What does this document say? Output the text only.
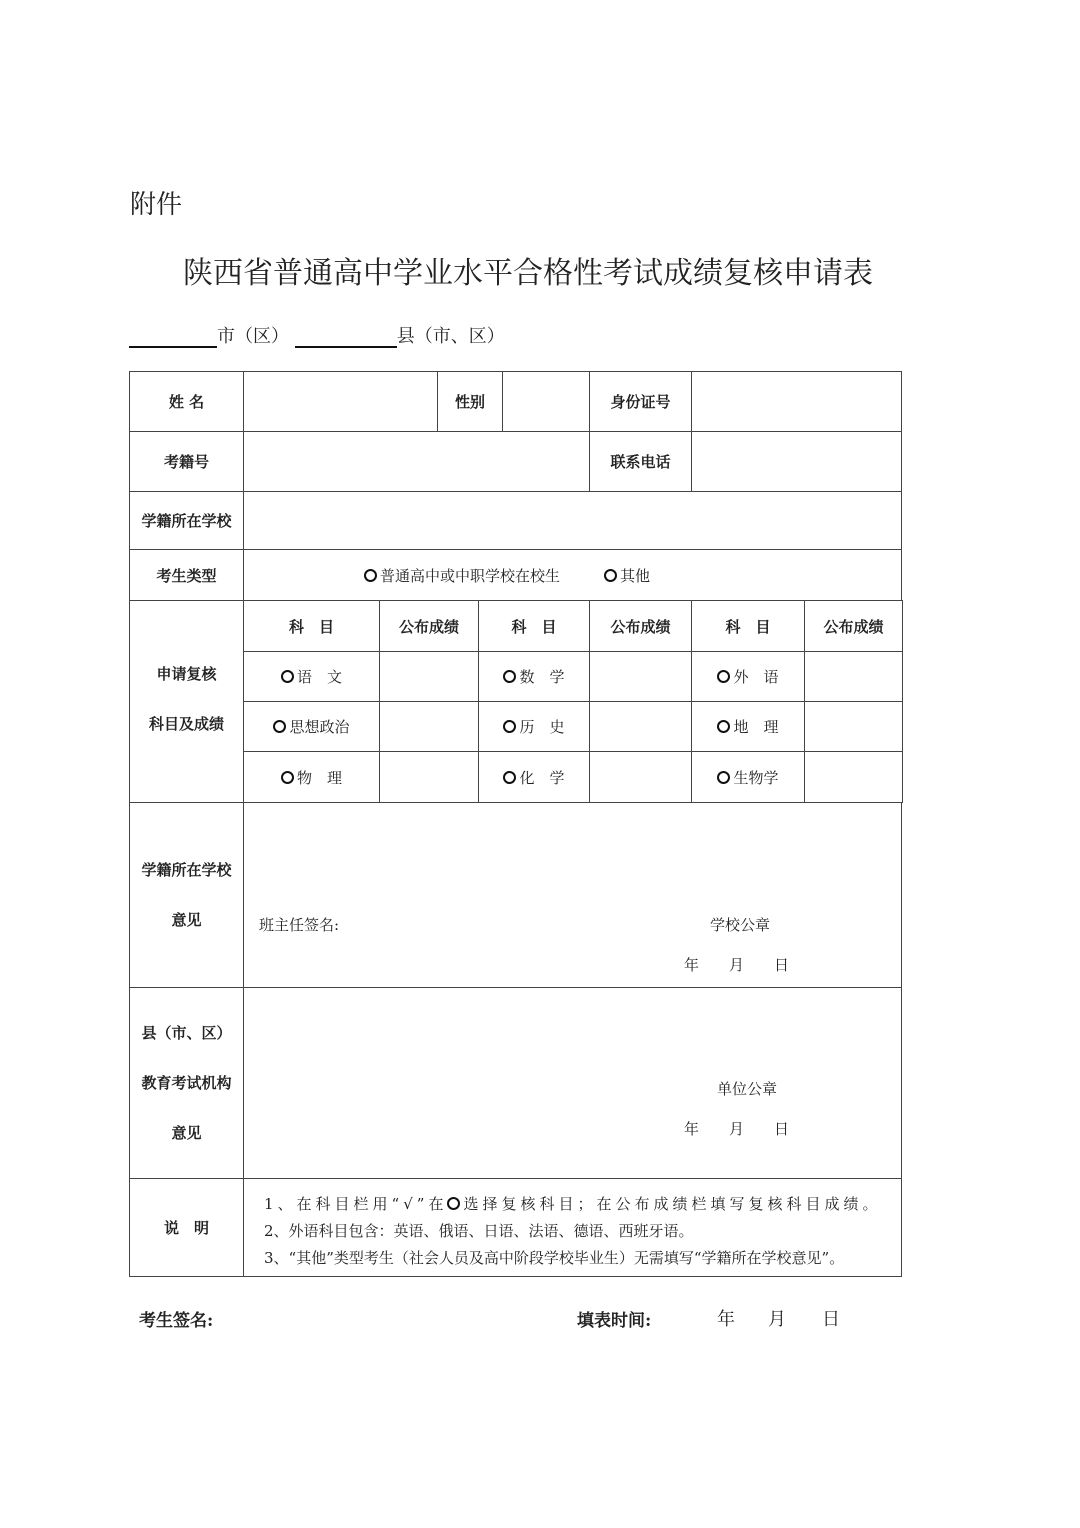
附件
陕西省普通高中学业水平合格性考试成绩复核申请表
市（区）	县（市、区）
姓 名	性别	身份证号
考籍号	联系电话
学籍所在学校
考生类型	普通高中或中职学校在校生	其他
申请复核
科目及成绩
科　目	公布成绩	科　目	公布成绩	科　目	公布成绩
语　文	数　学	外　语
思想政治	历　史	地　理
物　理	化　学	生物学
学籍所在学校
意见	班主任签名:	学校公章
年　　月　　日
县（市、区）
教育考试机构
意见
单位公章
年　　月　　日
说　明
1、在科目栏用“√”在 选择复核科目；在公布成绩栏填写复核科目成绩。
2、外语科目包含：英语、俄语、日语、法语、德语、西班牙语。
3、“其他”类型考生（社会人员及高中阶段学校毕业生）无需填写“学籍所在学校意见”。
考生签名:	填表时间:	年 月 日
